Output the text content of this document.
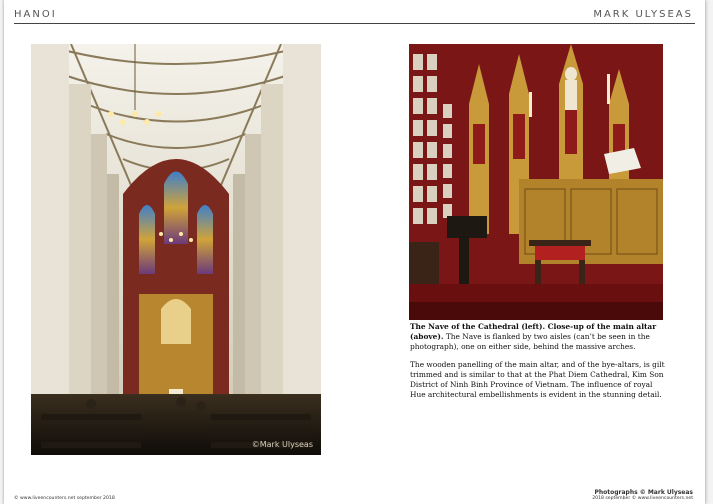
HANOI	MARK ULYSEAS
©Mark Ulyseas

The Nave of the Cathedral (left). Close-up of the main altar (above). The Nave is flanked by two aisles (can’t be seen in the photograph), one on either side, behind the massive arches.

The wooden panelling of the main altar, and of the bye-altars, is gilt trimmed and is similar to that at the Phat Diem Cathedral, Kim Son District of Ninh Binh Province of Vietnam. The influence of royal Hue architectural embellishments is evident in the stunning detail.

© www.liveencounters.net september 2018
Photographs © Mark Ulyseas
2018 september © www.liveencounters.net
